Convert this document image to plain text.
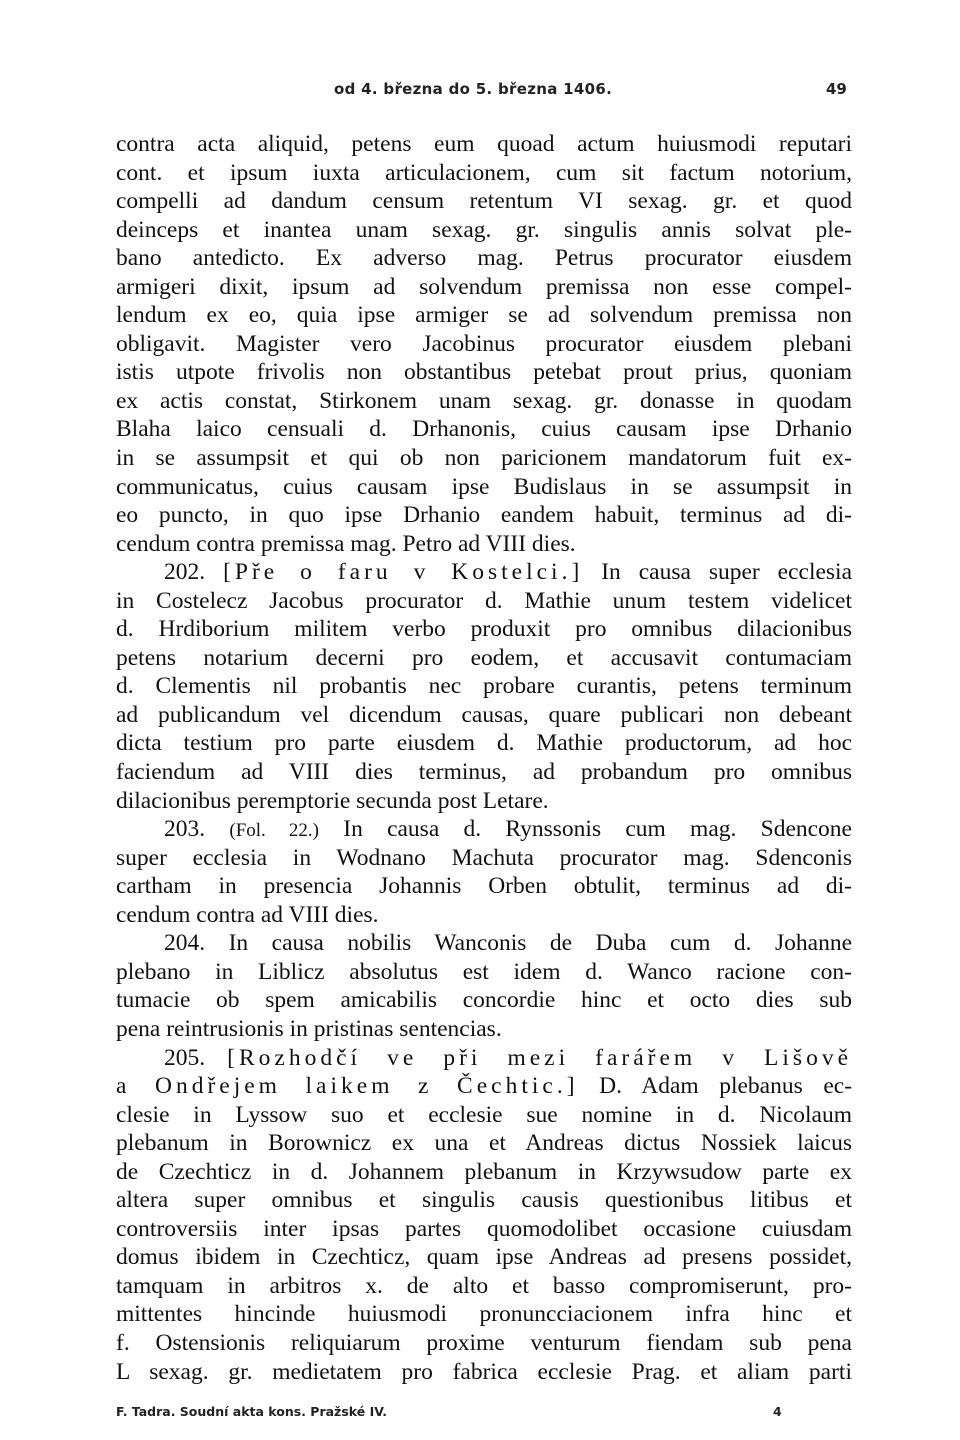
od 4. března do 5. března 1406.	49
contra acta aliquid, petens eum quoad actum huiusmodi reputari
cont. et ipsum iuxta articulacionem, cum sit factum notorium,
compelli ad dandum censum retentum VI sexag. gr. et quod
deinceps et inantea unam sexag. gr. singulis annis solvat ple-
bano antedicto. Ex adverso mag. Petrus procurator eiusdem
armigeri dixit, ipsum ad solvendum premissa non esse compel-
lendum ex eo, quia ipse armiger se ad solvendum premissa non
obligavit. Magister vero Jacobinus procurator eiusdem plebani
istis utpote frivolis non obstantibus petebat prout prius, quoniam
ex actis constat, Stirkonem unam sexag. gr. donasse in quodam
Blaha laico censuali d. Drhanonis, cuius causam ipse Drhanio
in se assumpsit et qui ob non paricionem mandatorum fuit ex-
communicatus, cuius causam ipse Budislaus in se assumpsit in
eo puncto, in quo ipse Drhanio eandem habuit, terminus ad di-
cendum contra premissa mag. Petro ad VIII dies.
202. [Pře o faru v Kostelci.] In causa super ecclesia
in Costelecz Jacobus procurator d. Mathie unum testem videlicet
d. Hrdiborium militem verbo produxit pro omnibus dilacionibus
petens notarium decerni pro eodem, et accusavit contumaciam
d. Clementis nil probantis nec probare curantis, petens terminum
ad publicandum vel dicendum causas, quare publicari non debeant
dicta testium pro parte eiusdem d. Mathie productorum, ad hoc
faciendum ad VIII dies terminus, ad probandum pro omnibus
dilacionibus peremptorie secunda post Letare.
203. (Fol. 22.) In causa d. Rynssonis cum mag. Sdencone
super ecclesia in Wodnano Machuta procurator mag. Sdenconis
cartham in presencia Johannis Orben obtulit, terminus ad di-
cendum contra ad VIII dies.
204. In causa nobilis Wanconis de Duba cum d. Johanne
plebano in Liblicz absolutus est idem d. Wanco racione con-
tumacie ob spem amicabilis concordie hinc et octo dies sub
pena reintrusionis in pristinas sentencias.
205. [Rozhodčí ve při mezi farářem v Lišově
a Ondřejem laikem z Čechtic.] D. Adam plebanus ec-
clesie in Lyssow suo et ecclesie sue nomine in d. Nicolaum
plebanum in Borownicz ex una et Andreas dictus Nossiek laicus
de Czechticz in d. Johannem plebanum in Krzywsudow parte ex
altera super omnibus et singulis causis questionibus litibus et
controversiis inter ipsas partes quomodolibet occasione cuiusdam
domus ibidem in Czechticz, quam ipse Andreas ad presens possidet,
tamquam in arbitros x. de alto et basso compromiserunt, pro-
mittentes hincinde huiusmodi pronuncciacionem infra hinc et
f. Ostensionis reliquiarum proxime venturum fiendam sub pena
L sexag. gr. medietatem pro fabrica ecclesie Prag. et aliam parti
F. Tadra. Soudní akta kons. Pražské IV.	4
